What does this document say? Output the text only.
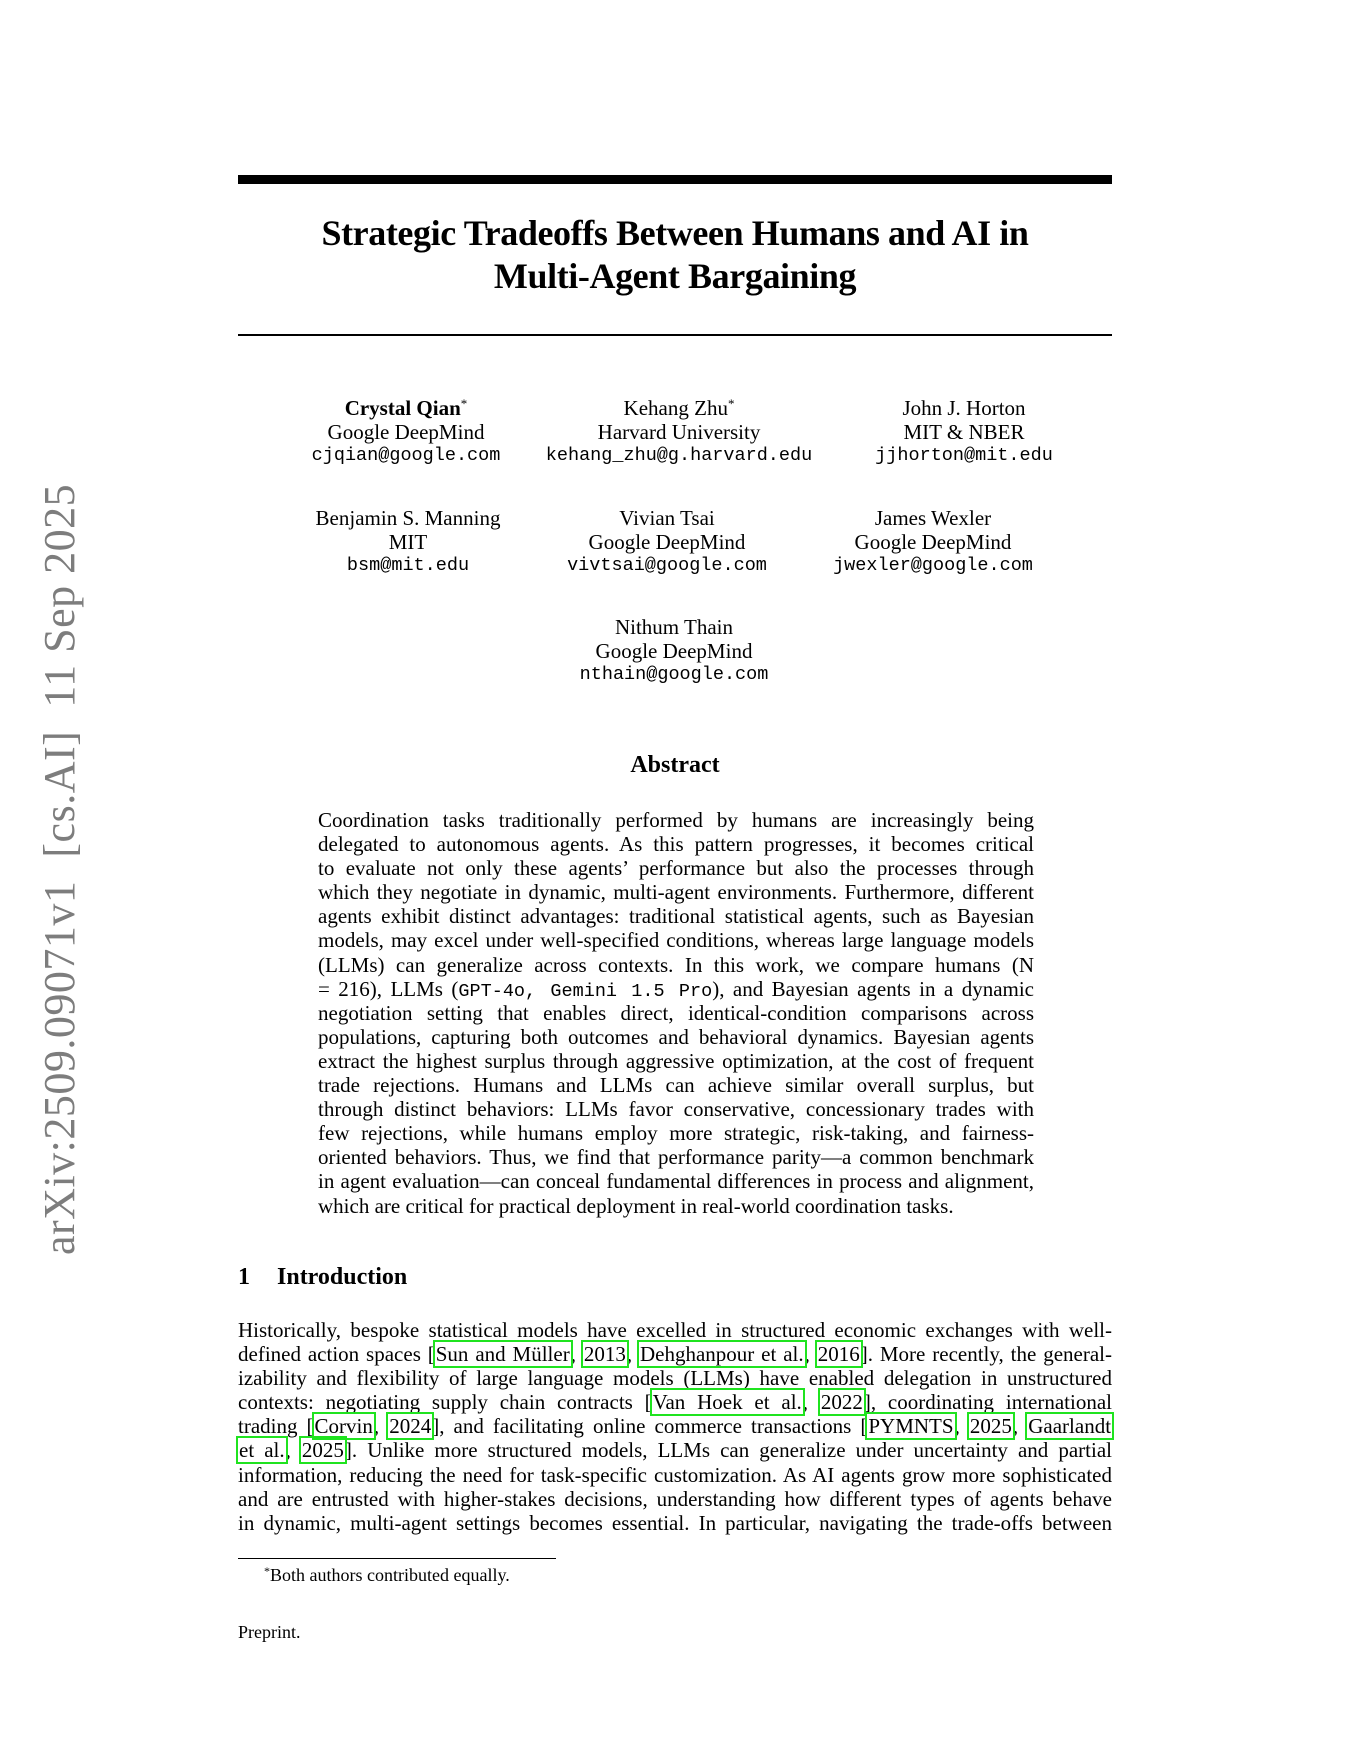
arXiv:2509.09071v1  [cs.AI]  11 Sep 2025
Strategic Tradeoffs Between Humans and AI in
Multi-Agent Bargaining
Crystal Qian*
Google DeepMind
cjqian@google.com
Kehang Zhu*
Harvard University
kehang_zhu@g.harvard.edu
John J. Horton
MIT & NBER
jjhorton@mit.edu
Benjamin S. Manning
MIT
bsm@mit.edu
Vivian Tsai
Google DeepMind
vivtsai@google.com
James Wexler
Google DeepMind
jwexler@google.com
Nithum Thain
Google DeepMind
nthain@google.com
Abstract
Coordination tasks traditionally performed by humans are increasingly being
delegated to autonomous agents. As this pattern progresses, it becomes critical
to evaluate not only these agents’ performance but also the processes through
which they negotiate in dynamic, multi-agent environments. Furthermore, different
agents exhibit distinct advantages: traditional statistical agents, such as Bayesian
models, may excel under well-specified conditions, whereas large language models
(LLMs) can generalize across contexts. In this work, we compare humans (N
= 216), LLMs (GPT-4o, Gemini 1.5 Pro), and Bayesian agents in a dynamic
negotiation setting that enables direct, identical-condition comparisons across
populations, capturing both outcomes and behavioral dynamics. Bayesian agents
extract the highest surplus through aggressive optimization, at the cost of frequent
trade rejections. Humans and LLMs can achieve similar overall surplus, but
through distinct behaviors: LLMs favor conservative, concessionary trades with
few rejections, while humans employ more strategic, risk-taking, and fairness-
oriented behaviors. Thus, we find that performance parity—a common benchmark
in agent evaluation—can conceal fundamental differences in process and alignment,
which are critical for practical deployment in real-world coordination tasks.
1 Introduction
Historically, bespoke statistical models have excelled in structured economic exchanges with well-
defined action spaces [Sun and Müller, 2013, Dehghanpour et al., 2016]. More recently, the general-
izability and flexibility of large language models (LLMs) have enabled delegation in unstructured
contexts: negotiating supply chain contracts [Van Hoek et al., 2022], coordinating international
trading [Corvin, 2024], and facilitating online commerce transactions [PYMNTS, 2025, Gaarlandt
et al., 2025]. Unlike more structured models, LLMs can generalize under uncertainty and partial
information, reducing the need for task-specific customization. As AI agents grow more sophisticated
and are entrusted with higher-stakes decisions, understanding how different types of agents behave
in dynamic, multi-agent settings becomes essential. In particular, navigating the trade-offs between
*Both authors contributed equally.
Preprint.
